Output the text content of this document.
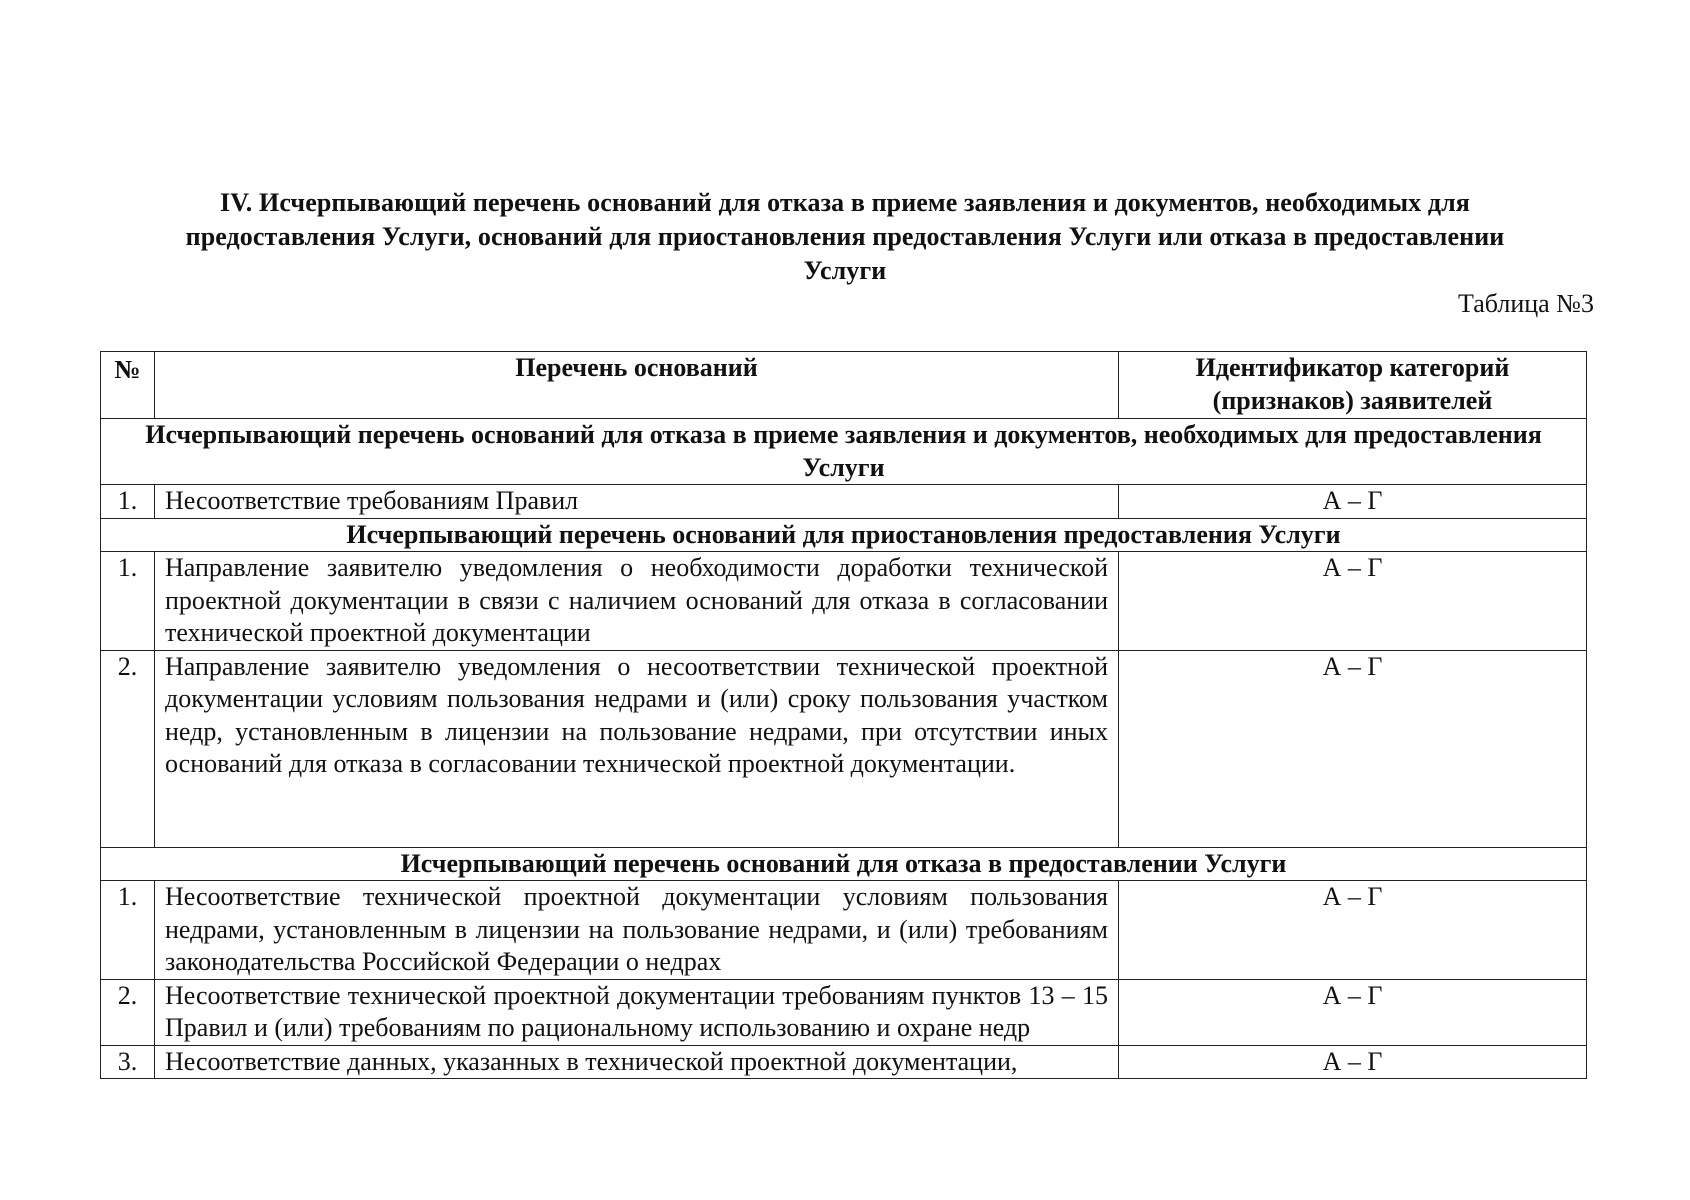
IV. Исчерпывающий перечень оснований для отказа в приеме заявления и документов, необходимых для
предоставления Услуги, оснований для приостановления предоставления Услуги или отказа в предоставлении
Услуги
Таблица №3
№	Перечень оснований	Идентификатор категорий (признаков) заявителей
Исчерпывающий перечень оснований для отказа в приеме заявления и документов, необходимых для предоставления Услуги		
1.	Несоответствие требованиям Правил	А – Г
Исчерпывающий перечень оснований для приостановления предоставления Услуги		
1.	Направление заявителю уведомления о необходимости доработки технической проектной документации в связи с наличием оснований для отказа в согласовании технической проектной документации	А – Г
2.	Направление заявителю уведомления о несоответствии технической проектной документации условиям пользования недрами и (или) сроку пользования участком недр, установленным в лицензии на пользование недрами, при отсутствии иных оснований для отказа в согласовании технической проектной документации.	А – Г
Исчерпывающий перечень оснований для отказа в предоставлении Услуги		
1.	Несоответствие технической проектной документации условиям пользования недрами, установленным в лицензии на пользование недрами, и (или) требованиям законодательства Российской Федерации о недрах	А – Г
2.	Несоответствие технической проектной документации требованиям пунктов 13 – 15 Правил и (или) требованиям по рациональному использованию и охране недр	А – Г
3.	Несоответствие данных, указанных в технической проектной документации,	А – Г
